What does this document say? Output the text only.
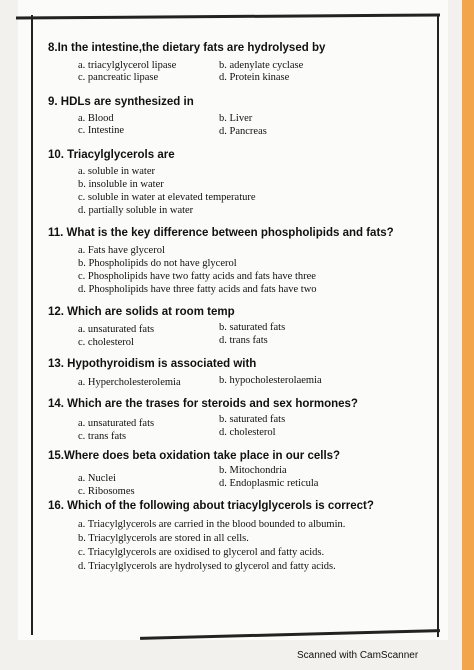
8.In the intestine,the dietary fats are hydrolysed by
a. triacylglycerol lipase	b. adenylate cyclase
c. pancreatic lipase	d. Protein kinase
9. HDLs are synthesized in
a. Blood	b. Liver
c. Intestine	d. Pancreas
10. Triacylglycerols are
a. soluble in water
b. insoluble in water
c. soluble in water at elevated temperature
d. partially soluble in water
11. What is the key difference between phospholipids and fats?
a. Fats have glycerol
b. Phospholipids do not have glycerol
c. Phospholipids have two fatty acids and fats have three
d. Phospholipids have three fatty acids and fats have two
12. Which are solids at room temp
a. unsaturated fats	b. saturated fats
c. cholesterol	d. trans fats
13. Hypothyroidism is associated with
a. Hypercholesterolemia	b. hypocholesterolaemia
14. Which are the trases for steroids and sex hormones?
a. unsaturated fats	b. saturated fats
c. trans fats	d. cholesterol
15.Where does beta oxidation take place in our cells?
a. Nuclei
b. Mitochondria
c. Ribosomes
d. Endoplasmic reticula
16. Which of the following about triacylglycerols is correct?
a. Triacylglycerols are carried in the blood bounded to albumin.
b. Triacylglycerols are stored in all cells.
c. Triacylglycerols are oxidised to glycerol and fatty acids.
d. Triacylglycerols are hydrolysed to glycerol and fatty acids.
Scanned with CamScanner
